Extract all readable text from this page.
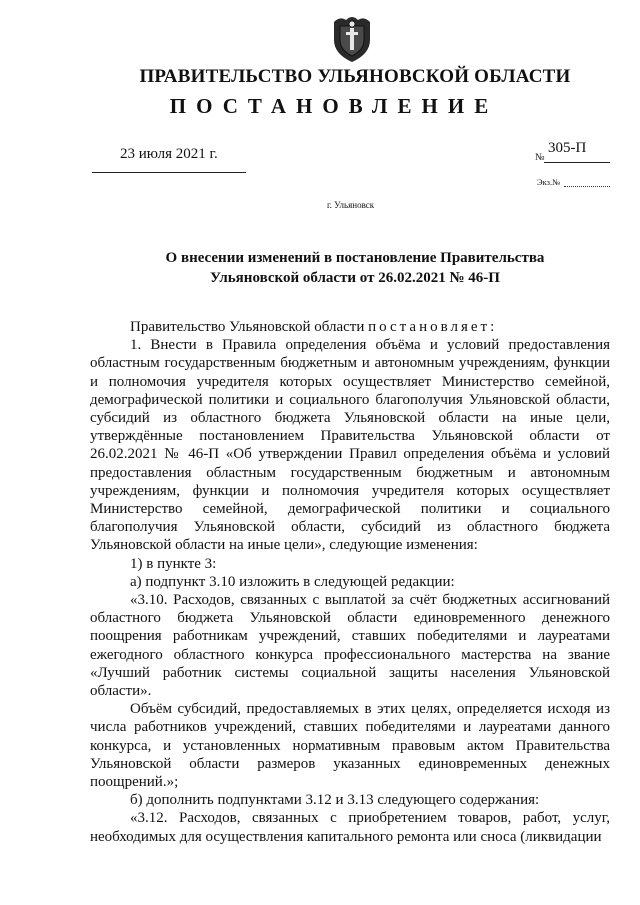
ПРАВИТЕЛЬСТВО УЛЬЯНОВСКОЙ ОБЛАСТИ
ПОСТАНОВЛЕНИЕ
23 июля 2021 г.	№
305-П
Экз.№
г. Ульяновск
О внесении изменений в постановление Правительства Ульяновской области от 26.02.2021 № 46-П

Правительство Ульяновской области постановляет:

1. Внести в Правила определения объёма и условий предоставления областным государственным бюджетным и автономным учреждениям, функции и полномочия учредителя которых осуществляет Министерство семейной, демографической политики и социального благополучия Ульяновской области, субсидий из областного бюджета Ульяновской области на иные цели, утверждённые постановлением Правительства Ульяновской области от 26.02.2021 № 46-П «Об утверждении Правил определения объёма и условий предоставления областным государственным бюджетным и автономным учреждениям, функции и полномочия учредителя которых осуществляет Министерство семейной, демографической политики и социального благополучия Ульяновской области, субсидий из областного бюджета Ульяновской области на иные цели», следующие изменения:

1) в пункте 3:

а) подпункт 3.10 изложить в следующей редакции:

«3.10. Расходов, связанных с выплатой за счёт бюджетных ассигнований областного бюджета Ульяновской области единовременного денежного поощрения работникам учреждений, ставших победителями и лауреатами ежегодного областного конкурса профессионального мастерства на звание «Лучший работник системы социальной защиты населения Ульяновской области».

Объём субсидий, предоставляемых в этих целях, определяется исходя из числа работников учреждений, ставших победителями и лауреатами данного конкурса, и установленных нормативным правовым актом Правительства Ульяновской области размеров указанных единовременных денежных поощрений.»;

б) дополнить подпунктами 3.12 и 3.13 следующего содержания:

«3.12. Расходов, связанных с приобретением товаров, работ, услуг, необходимых для осуществления капитального ремонта или сноса (ликвидации
